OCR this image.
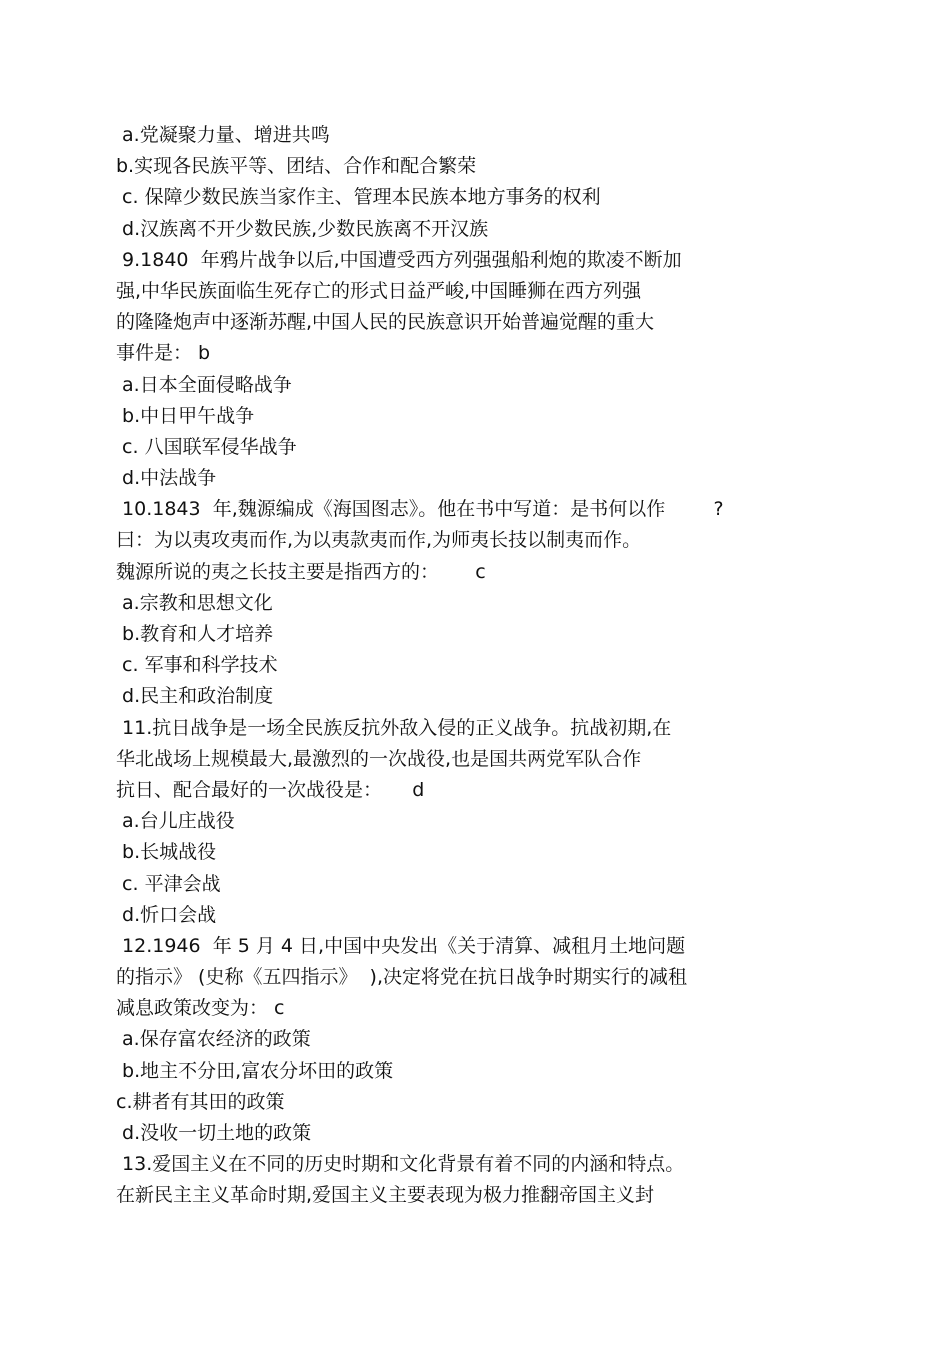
a.党凝聚力量、增进共鸣
b.实现各民族平等、团结、合作和配合繁荣
c. 保障少数民族当家作主、管理本民族本地方事务的权利
d.汉族离不开少数民族,少数民族离不开汉族
9.1840  年鸦片战争以后,中国遭受西方列强强船利炮的欺凌不断加
强,中华民族面临生死存亡的形式日益严峻,中国睡狮在西方列强
的隆隆炮声中逐渐苏醒,中国人民的民族意识开始普遍觉醒的重大
事件是： b
a.日本全面侵略战争
b.中日甲午战争
c. 八国联军侵华战争
d.中法战争
10.1843  年,魏源编成《海国图志》。他在书中写道：是书何以作        ?
曰：为以夷攻夷而作,为以夷款夷而作,为师夷长技以制夷而作。
魏源所说的夷之长技主要是指西方的：      c
a.宗教和思想文化
b.教育和人才培养
c. 军事和科学技术
d.民主和政治制度
11.抗日战争是一场全民族反抗外敌入侵的正义战争。抗战初期,在
华北战场上规模最大,最激烈的一次战役,也是国共两党军队合作
抗日、配合最好的一次战役是：     d
a.台儿庄战役
b.长城战役
c. 平津会战
d.忻口会战
12.1946  年 5 月 4 日,中国中央发出《关于清算、减租月土地问题
的指示》 (史称《五四指示》  ),决定将党在抗日战争时期实行的减租
减息政策改变为： c
a.保存富农经济的政策
b.地主不分田,富农分坏田的政策
c.耕者有其田的政策
d.没收一切土地的政策
13.爱国主义在不同的历史时期和文化背景有着不同的内涵和特点。
在新民主主义革命时期,爱国主义主要表现为极力推翻帝国主义封
